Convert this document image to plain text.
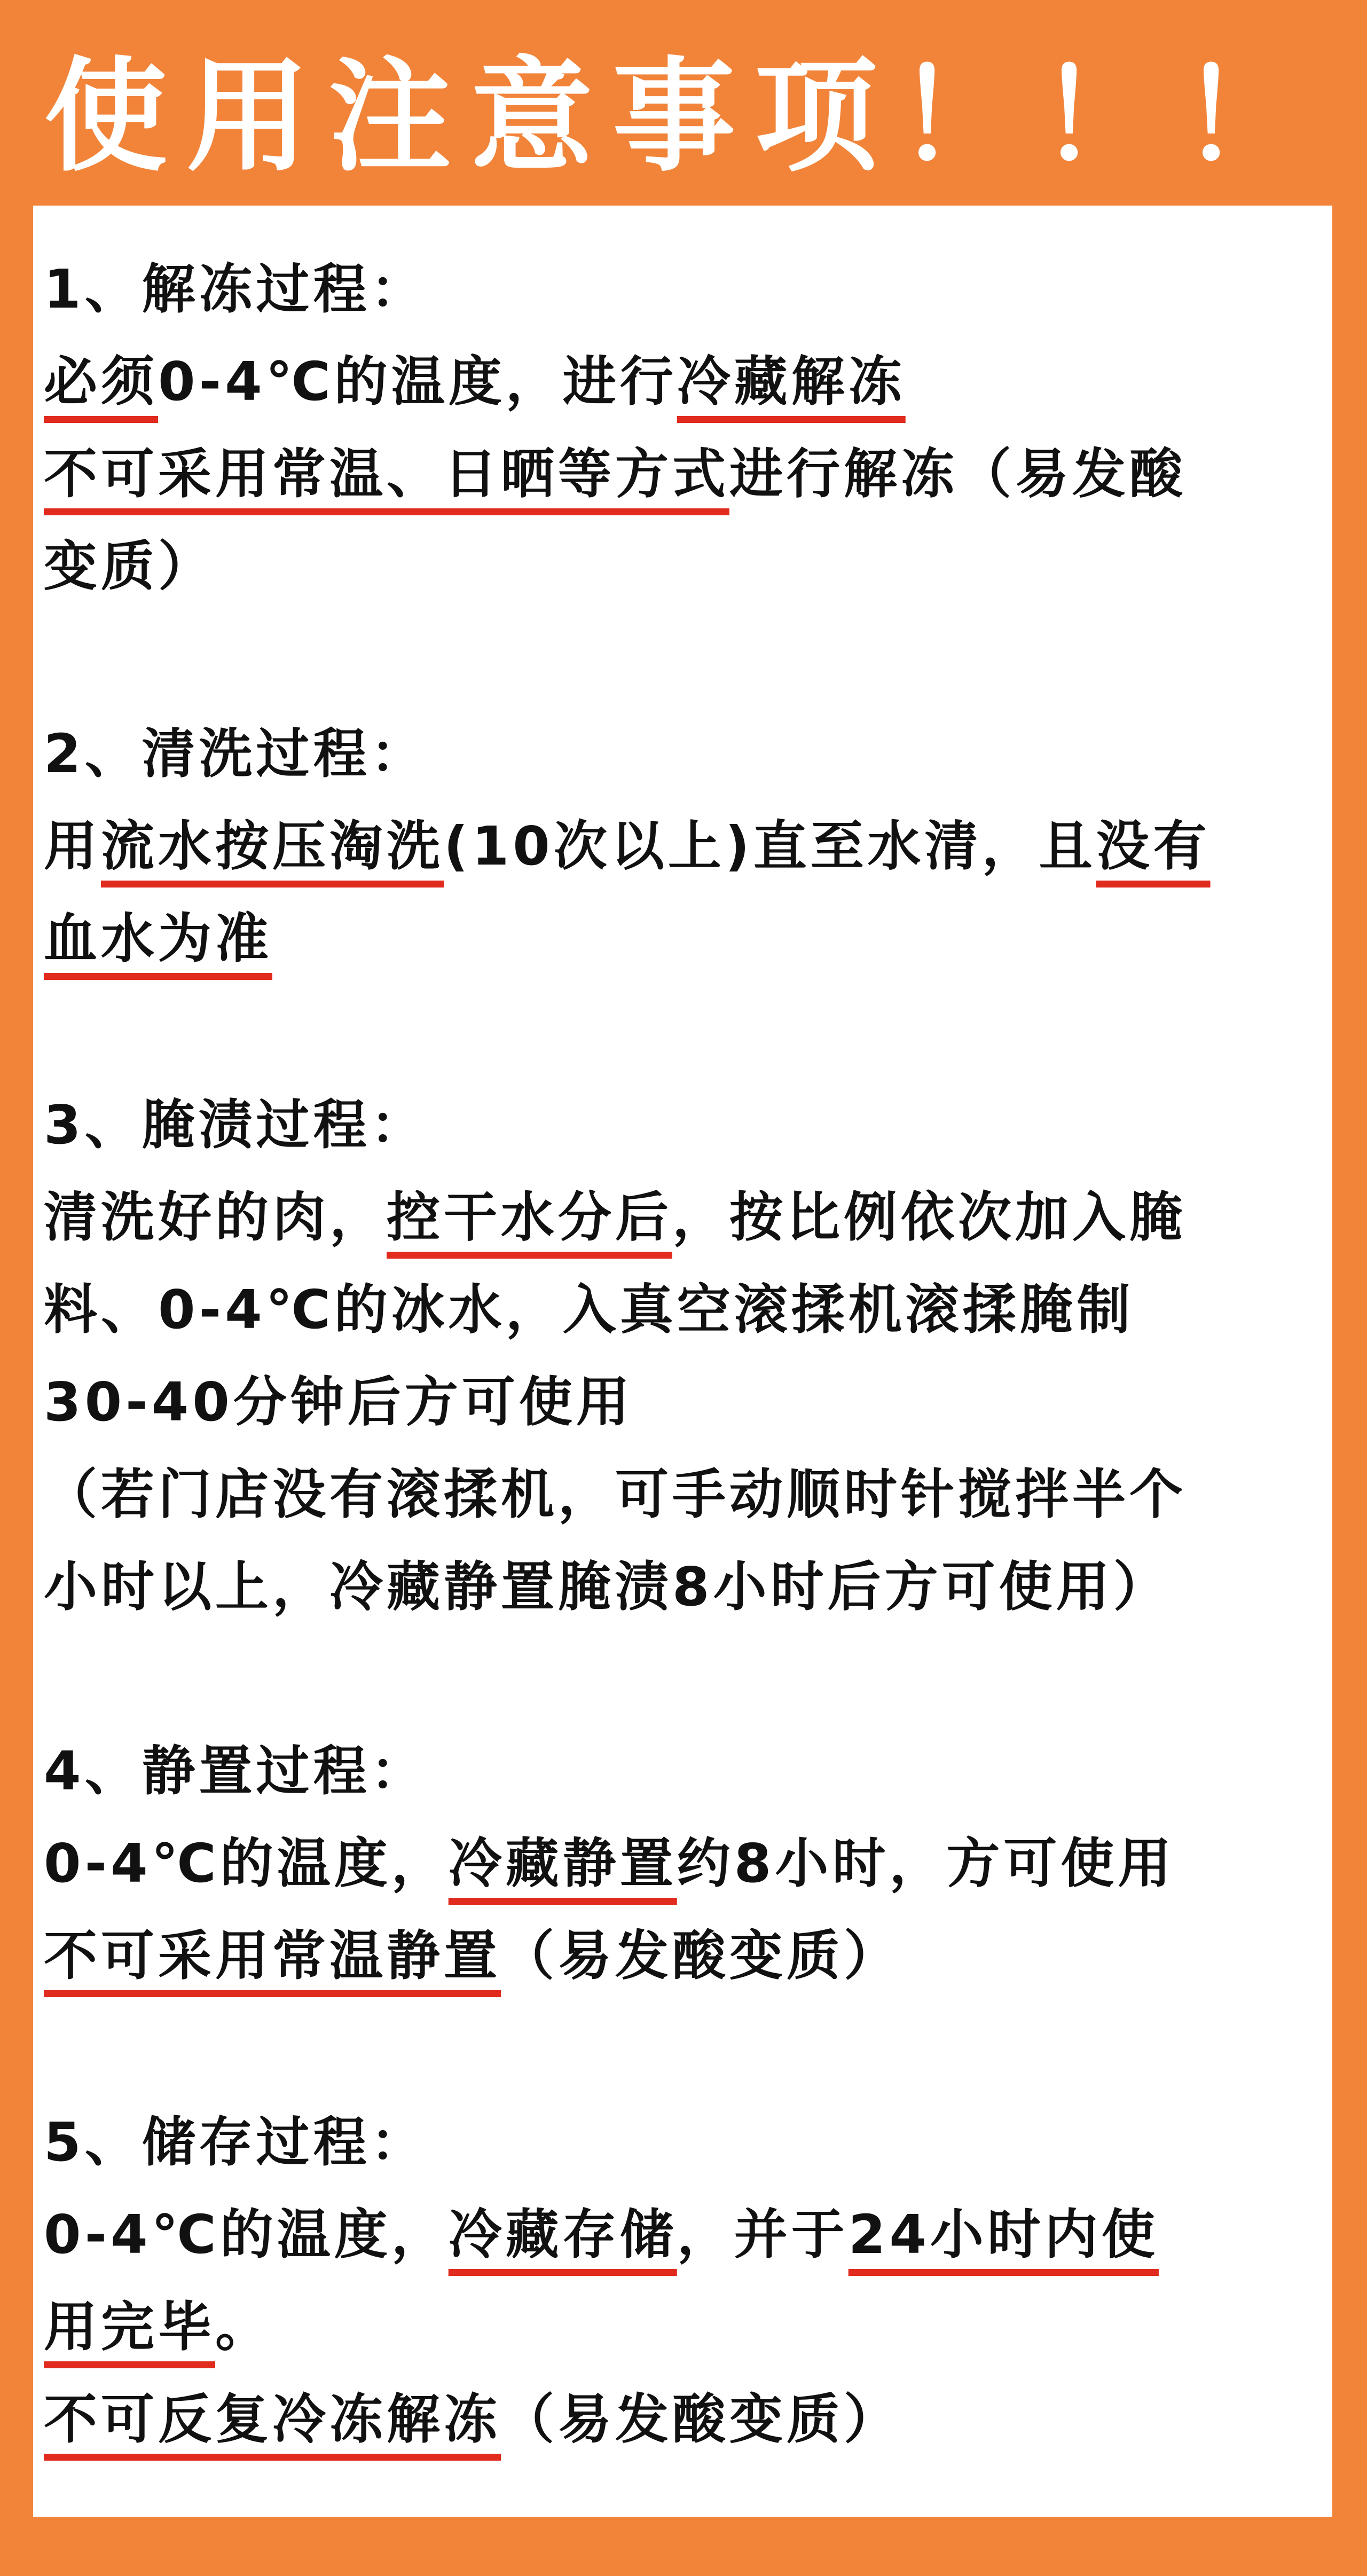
使用注意事项！！！
1、解冻过程：
必须0-4℃的温度，进行冷藏解冻
不可采用常温、日晒等方式进行解冻（易发酸
变质）
2、清洗过程：
用流水按压淘洗(10次以上)直至水清，且没有
血水为准
3、腌渍过程：
清洗好的肉，控干水分后，按比例依次加入腌
料、0-4℃的冰水，入真空滚揉机滚揉腌制
30-40分钟后方可使用
（若门店没有滚揉机，可手动顺时针搅拌半个
小时以上，冷藏静置腌渍8小时后方可使用）
4、静置过程：
0-4℃的温度，冷藏静置约8小时，方可使用
不可采用常温静置（易发酸变质）
5、储存过程：
0-4℃的温度，冷藏存储，并于24小时内使
用完毕。
不可反复冷冻解冻（易发酸变质）
